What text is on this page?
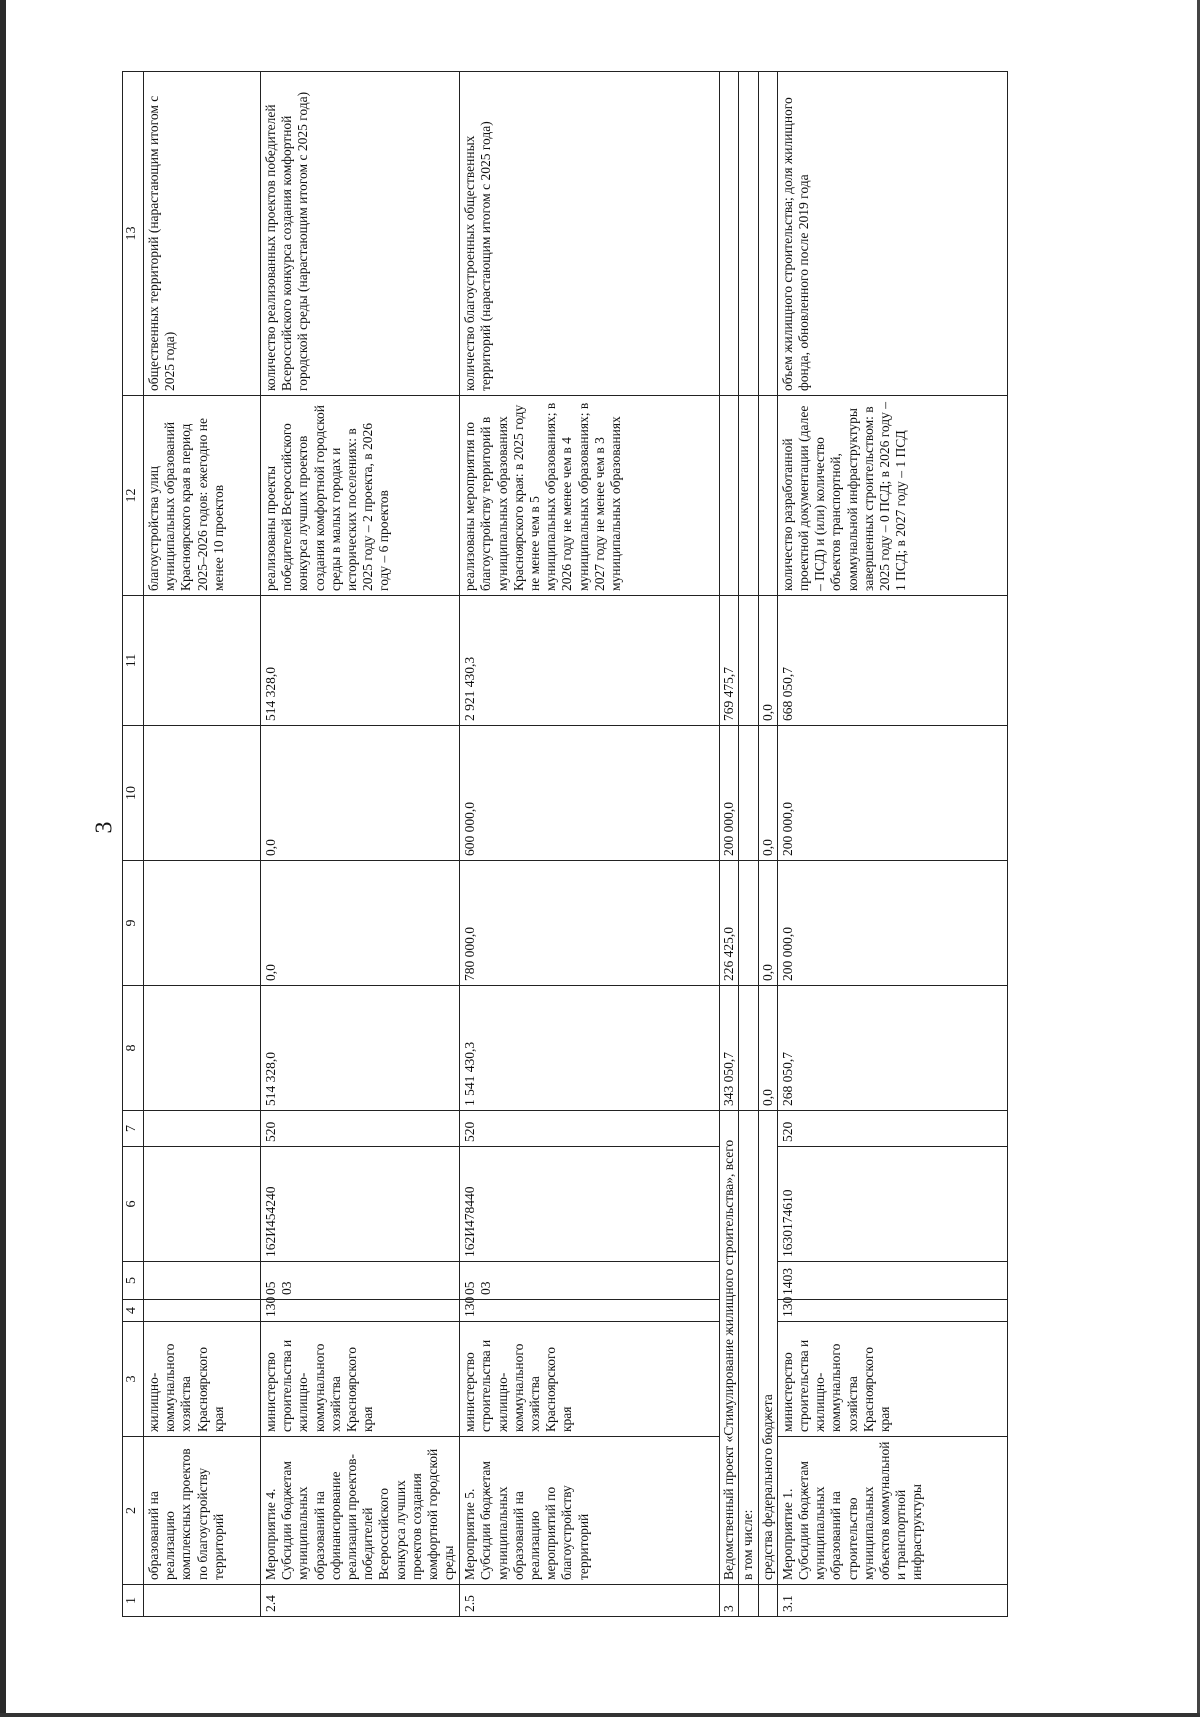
3
1	2	3	4	5	6	7	8	9	10	11	12	13
	образований на реализацию комплексных проектов по благоустройству территорий	жилищно-коммунального хозяйства Красноярского края									благоустройства улиц муниципальных образований Красноярского края в период 2025–2026 годов: ежегодно не менее 10 проектов	общественных территорий (нарастающим итогом с 2025 года)
2.4	Мероприятие 4. Субсидии бюджетам муниципальных образований на софинансирование реализации проектов-победителей Всероссийского конкурса лучших проектов создания комфортной городской среды	министерство строительства и жилищно-коммунального хозяйства Красноярского края	130	05 03	162И454240	520	514 328,0	0,0	0,0	514 328,0	реализованы проекты победителей Всероссийского конкурса лучших проектов создания комфортной городской среды в малых городах и исторических поселениях: в 2025 году – 2 проекта, в 2026 году – 6 проектов	количество реализованных проектов победителей Всероссийского конкурса создания комфортной городской среды (нарастающим итогом с 2025 года)
2.5	Мероприятие 5. Субсидии бюджетам муниципальных образований на реализацию мероприятий по благоустройству территорий	министерство строительства и жилищно-коммунального хозяйства Красноярского края	130	05 03	162И478440	520	1 541 430,3	780 000,0	600 000,0	2 921 430,3	реализованы мероприятия по благоустройству территорий в муниципальных образованиях Красноярского края: в 2025 году не менее чем в 5 муниципальных образованиях; в 2026 году не менее чем в 4 муниципальных образованиях; в 2027 году не менее чем в 3 муниципальных образованиях	количество благоустроенных общественных территорий (нарастающим итогом с 2025 года)
3	Ведомственный проект «Стимулирование жилищного строительства», всего						343 050,7	226 425,0	200 000,0	769 475,7		
	в том числе:											
	средства федерального бюджета						0,0	0,0	0,0	0,0		
3.1	Мероприятие 1. Субсидии бюджетам муниципальных образований на строительство муниципальных объектов коммунальной и транспортной инфраструктуры	министерство строительства и жилищно-коммунального хозяйства Красноярского края	130	1403	1630174610	520	268 050,7	200 000,0	200 000,0	668 050,7	количество разработанной проектной документации (далее – ПСД) и (или) количество объектов транспортной, коммунальной инфраструктуры завершенных строительством: в 2025 году – 0 ПСД; в 2026 году – 1 ПСД; в 2027 году – 1 ПСД	объем жилищного строительства; доля жилищного фонда, обновленного после 2019 года
